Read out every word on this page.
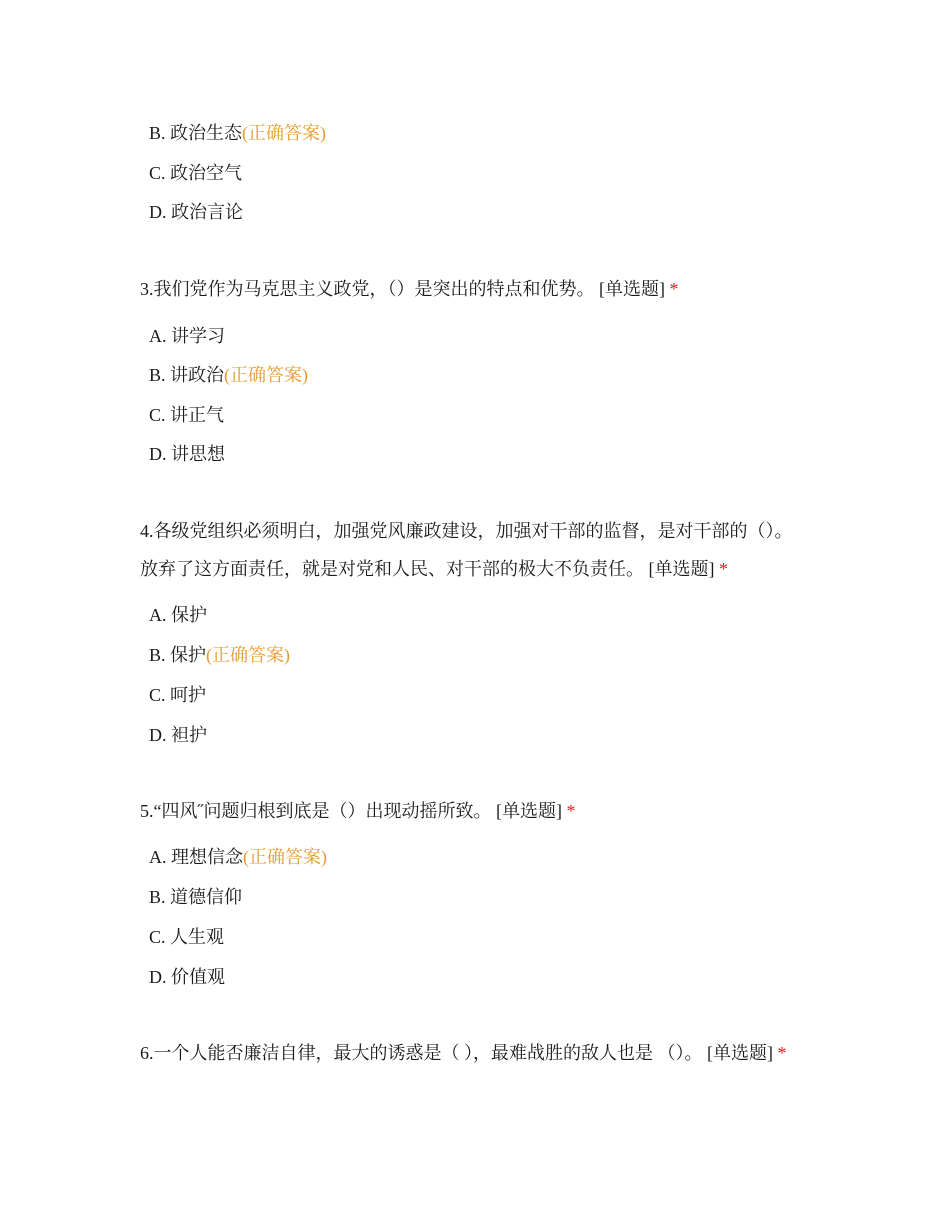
B. 政治生态(正确答案)
C. 政治空气
D. 政治言论
3.我们党作为马克思主义政党，（）是突出的特点和优势。 [单选题] *
A. 讲学习
B. 讲政治(正确答案)
C. 讲正气
D. 讲思想
4.各级党组织必须明白，加强党风廉政建设，加强对干部的监督，是对干部的（）。放弃了这方面责任，就是对党和人民、对干部的极大不负责任。 [单选题] *
A. 保护
B. 保护(正确答案)
C. 呵护
D. 袒护
5.“四风˝问题归根到底是（）出现动摇所致。 [单选题] *
A. 理想信念(正确答案)
B. 道德信仰
C. 人生观
D. 价值观
6.一个人能否廉洁自律，最大的诱惑是（ ），最难战胜的敌人也是 （）。 [单选题] *
